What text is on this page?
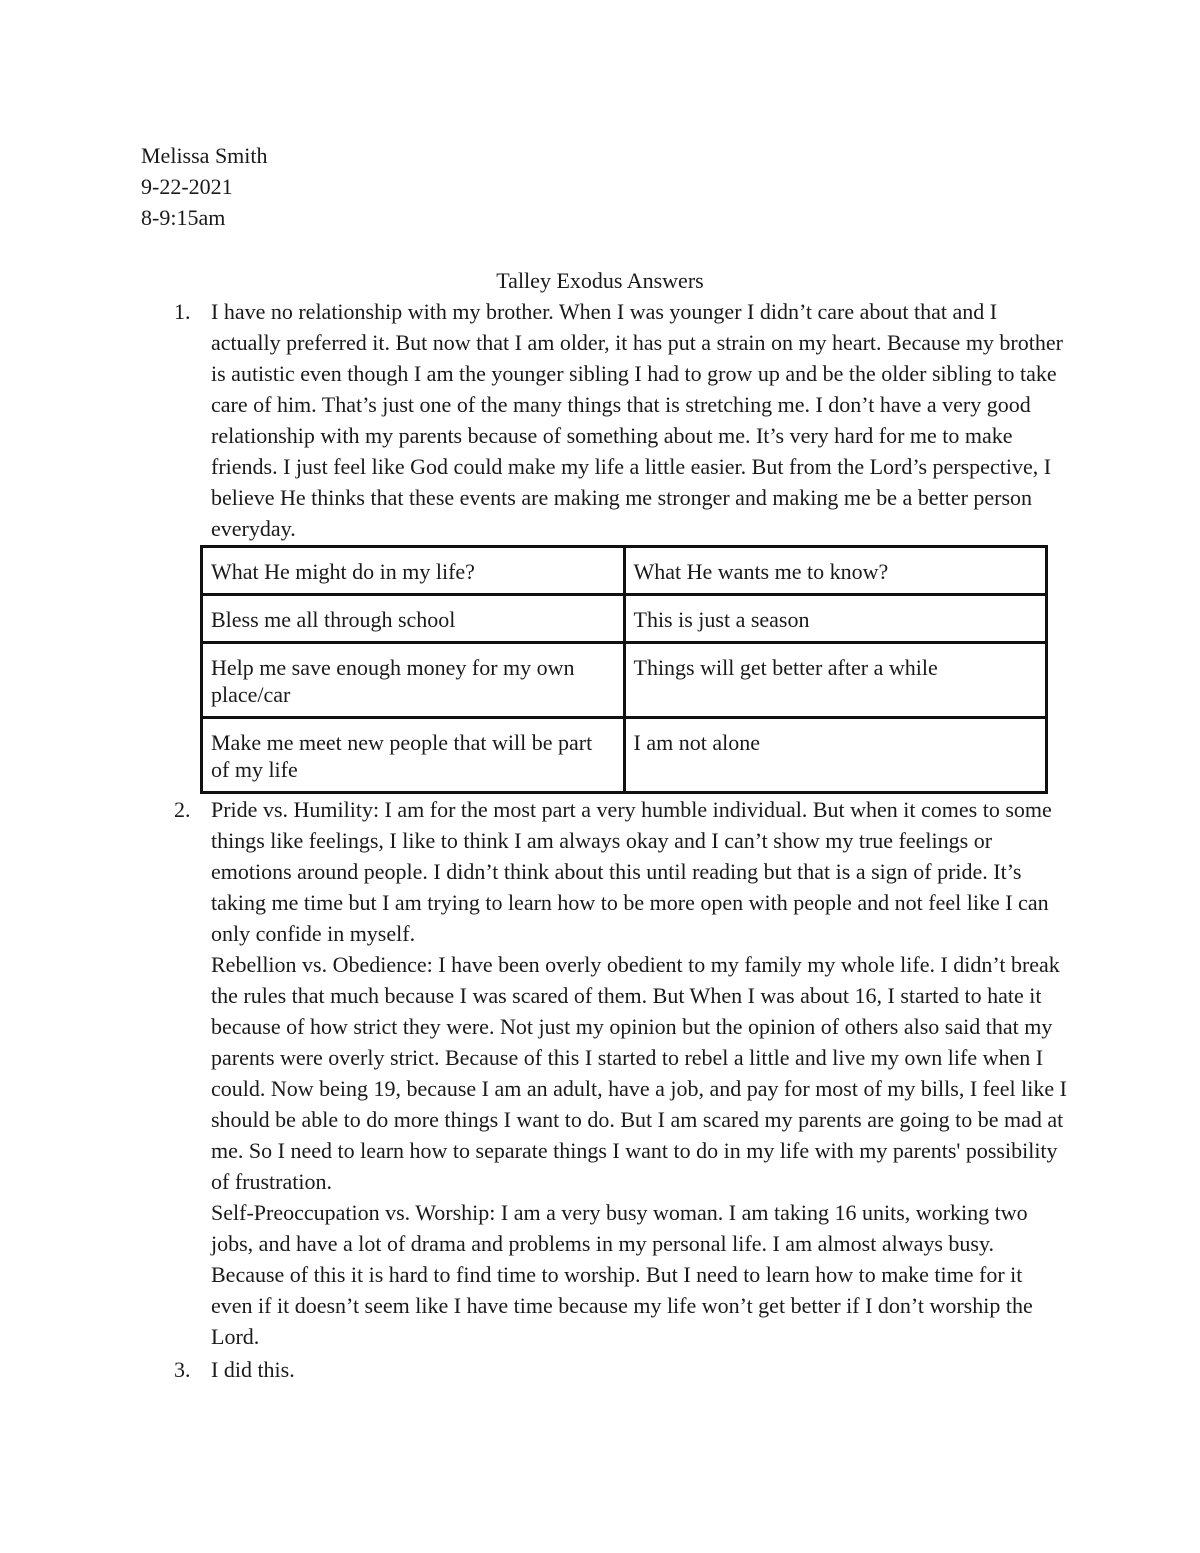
Melissa Smith
9-22-2021
8-9:15am
Talley Exodus Answers
1. I have no relationship with my brother. When I was younger I didn’t care about that and I actually preferred it. But now that I am older, it has put a strain on my heart. Because my brother is autistic even though I am the younger sibling I had to grow up and be the older sibling to take care of him. That’s just one of the many things that is stretching me. I don’t have a very good relationship with my parents because of something about me. It’s very hard for me to make friends. I just feel like God could make my life a little easier. But from the Lord’s perspective, I believe He thinks that these events are making me stronger and making me be a better person everyday.

What He might do in my life?	What He wants me to know?
Bless me all through school	This is just a season
Help me save enough money for my own place/car	Things will get better after a while
Make me meet new people that will be part of my life	I am not alone
2. Pride vs. Humility: I am for the most part a very humble individual. But when it comes to some things like feelings, I like to think I am always okay and I can’t show my true feelings or emotions around people. I didn’t think about this until reading but that is a sign of pride. It’s taking me time but I am trying to learn how to be more open with people and not feel like I can only confide in myself.

Rebellion vs. Obedience: I have been overly obedient to my family my whole life. I didn’t break the rules that much because I was scared of them. But When I was about 16, I started to hate it because of how strict they were. Not just my opinion but the opinion of others also said that my parents were overly strict. Because of this I started to rebel a little and live my own life when I could. Now being 19, because I am an adult, have a job, and pay for most of my bills, I feel like I should be able to do more things I want to do. But I am scared my parents are going to be mad at me. So I need to learn how to separate things I want to do in my life with my parents' possibility of frustration.

Self-Preoccupation vs. Worship: I am a very busy woman. I am taking 16 units, working two jobs, and have a lot of drama and problems in my personal life. I am almost always busy. Because of this it is hard to find time to worship. But I need to learn how to make time for it even if it doesn’t seem like I have time because my life won’t get better if I don’t worship the Lord.

3. I did this.
